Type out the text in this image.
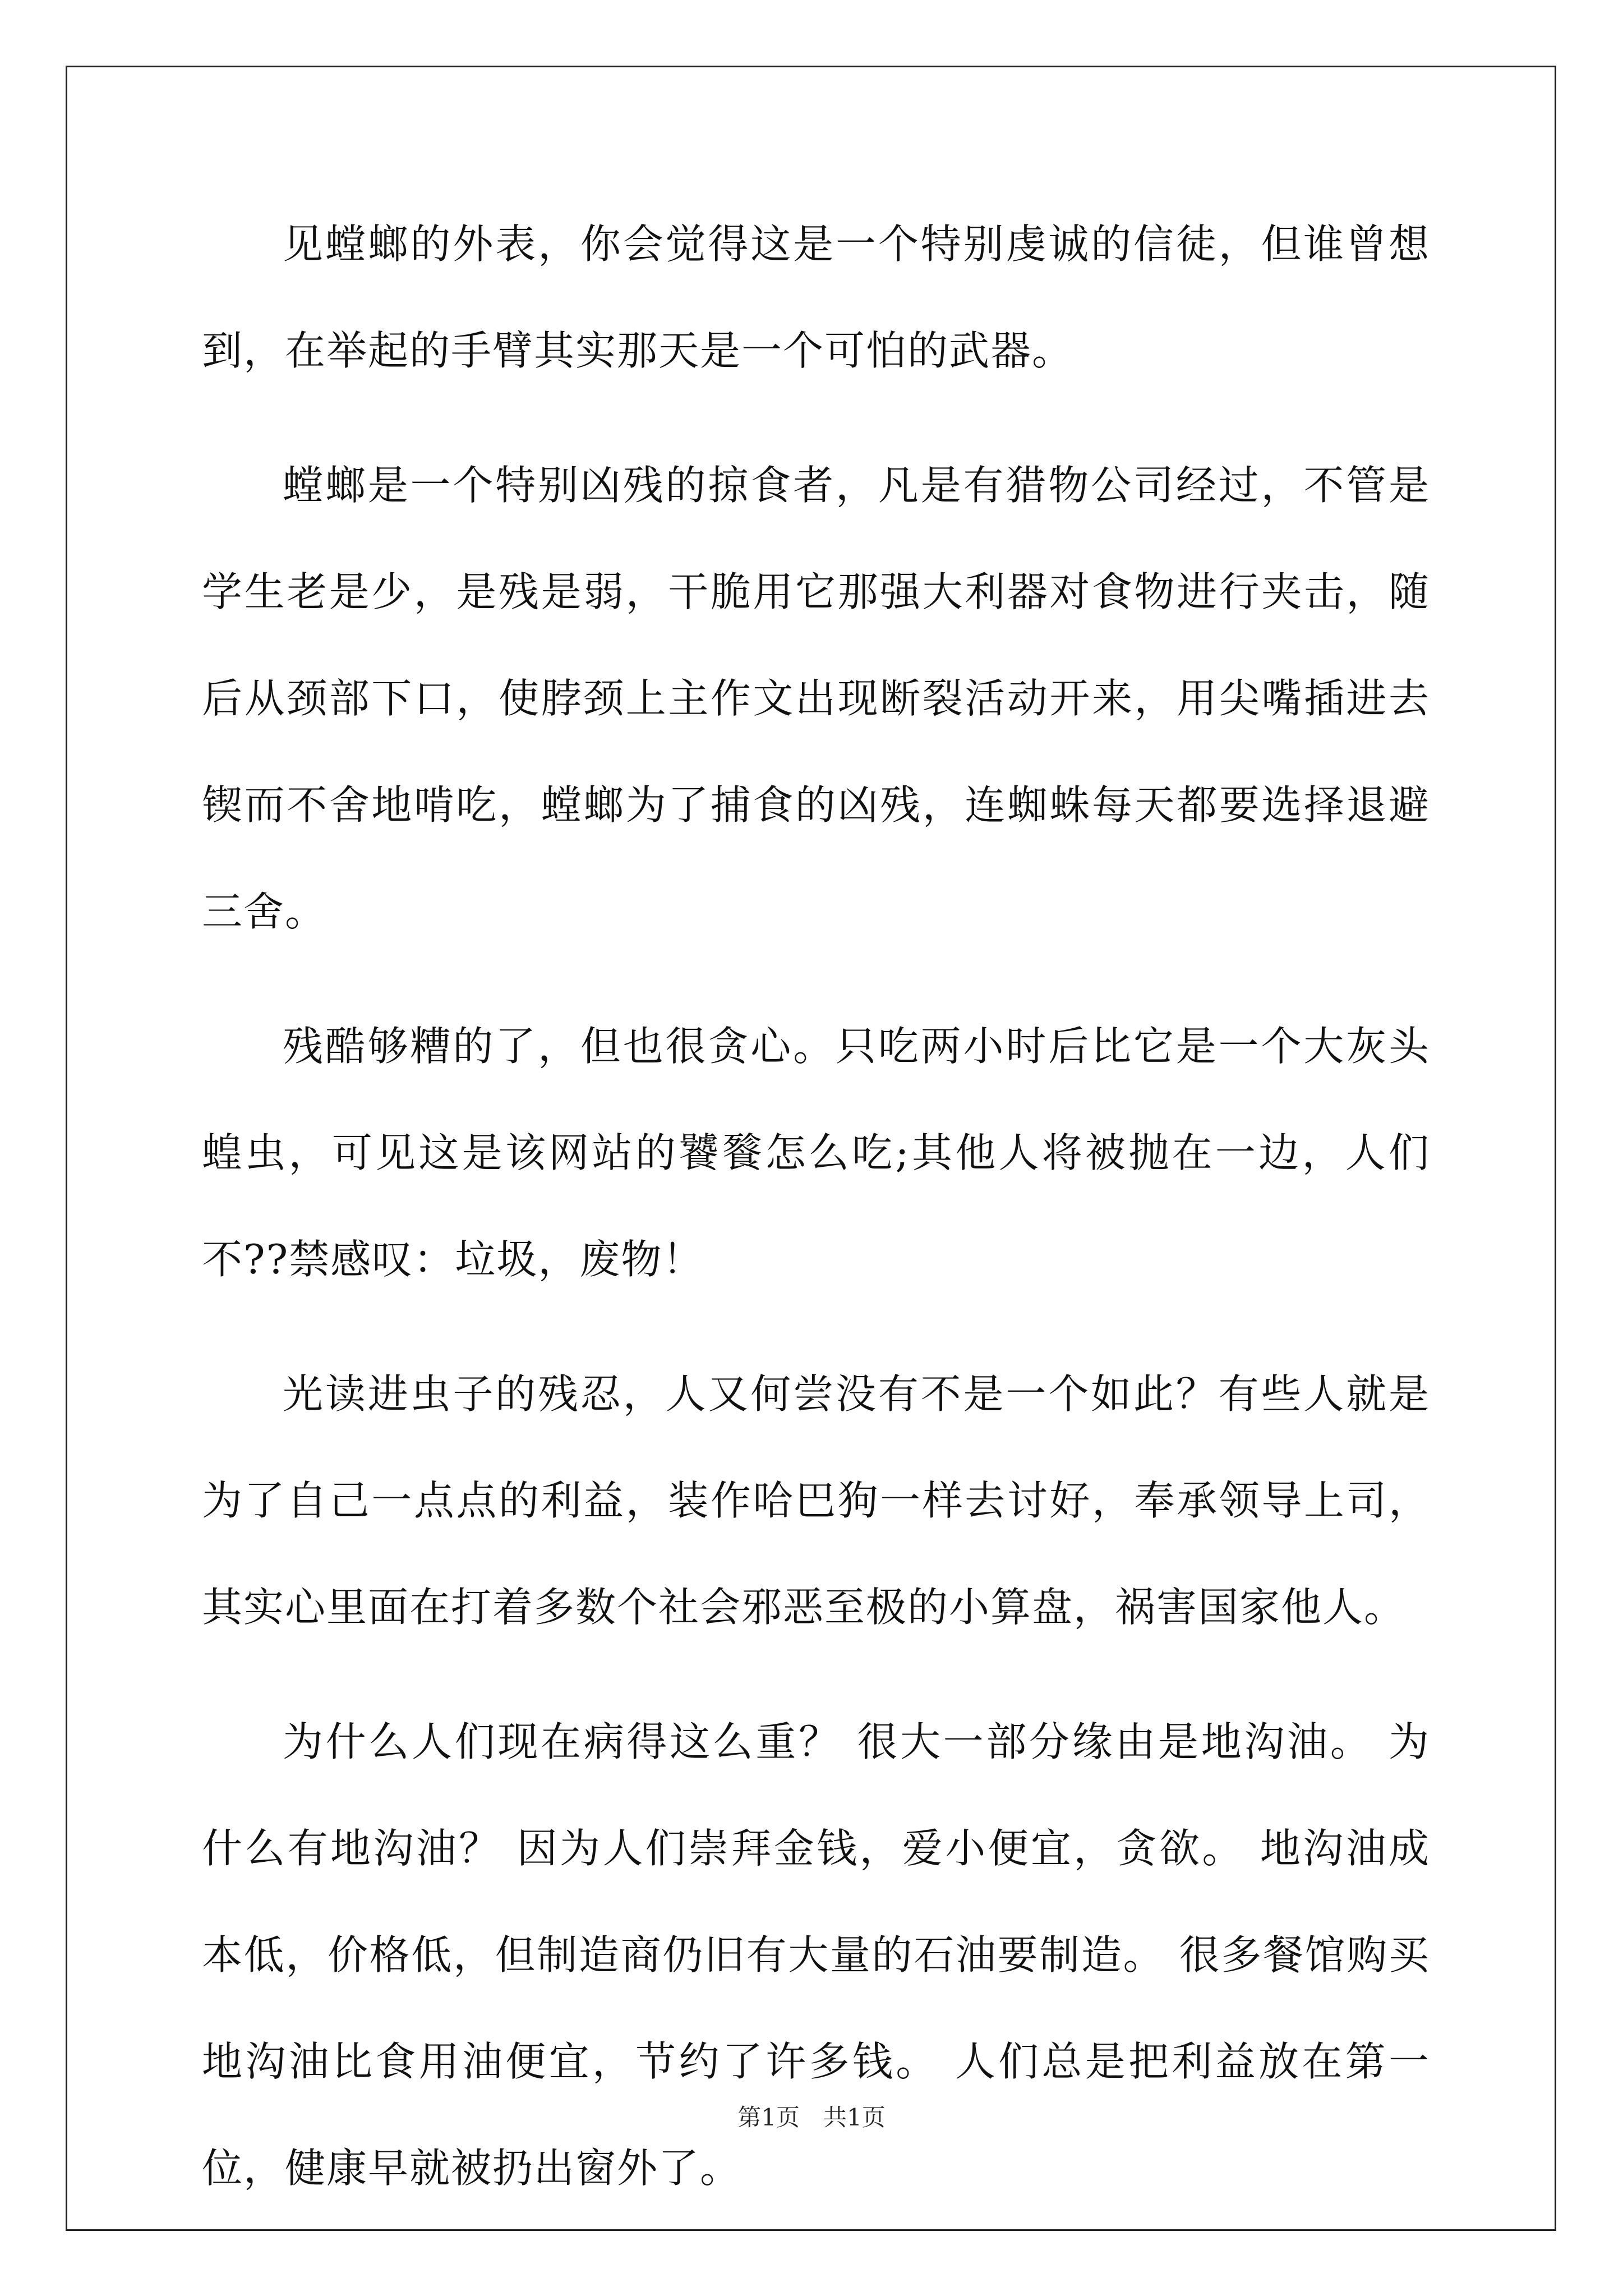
见螳螂的外表，你会觉得这是一个特别虔诚的信徒，但谁曾想到，在举起的手臂其实那天是一个可怕的武器。

螳螂是一个特别凶残的掠食者，凡是有猎物公司经过，不管是学生老是少，是残是弱，干脆用它那强大利器对食物进行夹击，随后从颈部下口，使脖颈上主作文出现断裂活动开来，用尖嘴插进去锲而不舍地啃吃，螳螂为了捕食的凶残，连蜘蛛每天都要选择退避三舍。

残酷够糟的了，但也很贪心。只吃两小时后比它是一个大灰头蝗虫，可见这是该网站的饕餮怎么吃;其他人将被抛在一边，人们不??禁感叹：垃圾，废物！

光读进虫子的残忍，人又何尝没有不是一个如此？有些人就是为了自己一点点的利益，装作哈巴狗一样去讨好，奉承领导上司，其实心里面在打着多数个社会邪恶至极的小算盘，祸害国家他人。

为什么人们现在病得这么重？ 很大一部分缘由是地沟油。 为什么有地沟油？ 因为人们崇拜金钱，爱小便宜，贪欲。 地沟油成本低，价格低，但制造商仍旧有大量的石油要制造。 很多餐馆购买地沟油比食用油便宜，节约了许多钱。 人们总是把利益放在第一位，健康早就被扔出窗外了。

第1页　共1页
